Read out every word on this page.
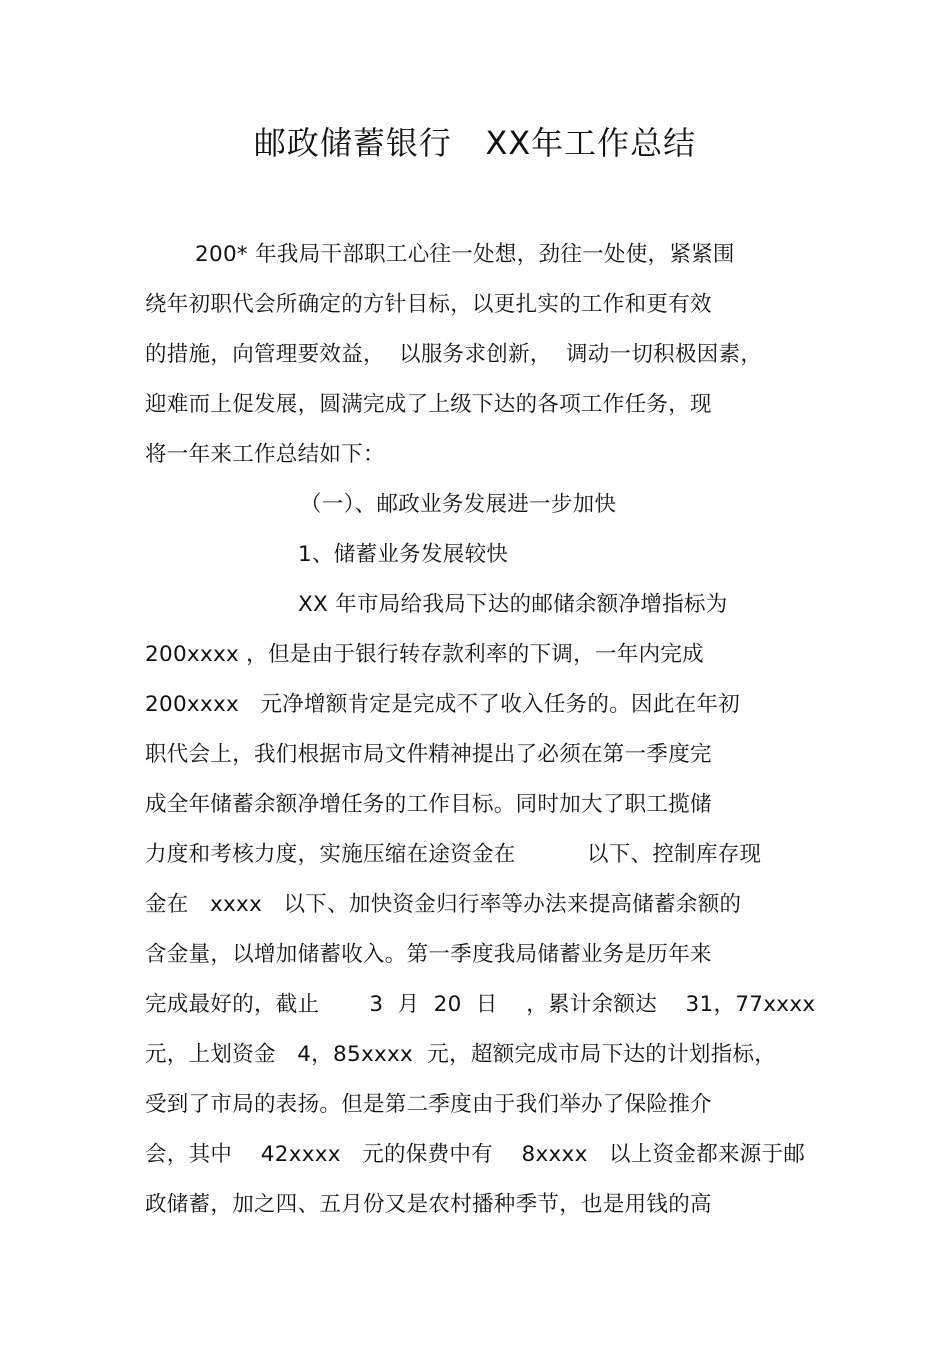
邮政储蓄银行   XX年工作总结
200* 年我局干部职工心往一处想，劲往一处使，紧紧围
绕年初职代会所确定的方针目标，以更扎实的工作和更有效
的措施，向管理要效益，  以服务求创新，  调动一切积极因素，
迎难而上促发展，圆满完成了上级下达的各项工作任务，现
将一年来工作总结如下：
（一）、邮政业务发展进一步加快
1、储蓄业务发展较快
XX 年市局给我局下达的邮储余额净增指标为
200xxxx ，但是由于银行转存款利率的下调，一年内完成
200xxxx   元净增额肯定是完成不了收入任务的。因此在年初
职代会上，我们根据市局文件精神提出了必须在第一季度完
成全年储蓄余额净增任务的工作目标。同时加大了职工揽储
力度和考核力度，实施压缩在途资金在          以下、控制库存现
金在   xxxx   以下、加快资金归行率等办法来提高储蓄余额的
含金量，以增加储蓄收入。第一季度我局储蓄业务是历年来
完成最好的，截止       3  月  20  日    ，累计余额达    31，77xxxx
元，上划资金   4，85xxxx  元，超额完成市局下达的计划指标，
受到了市局的表扬。但是第二季度由于我们举办了保险推介
会，其中    42xxxx   元的保费中有    8xxxx   以上资金都来源于邮
政储蓄，加之四、五月份又是农村播种季节，也是用钱的高
